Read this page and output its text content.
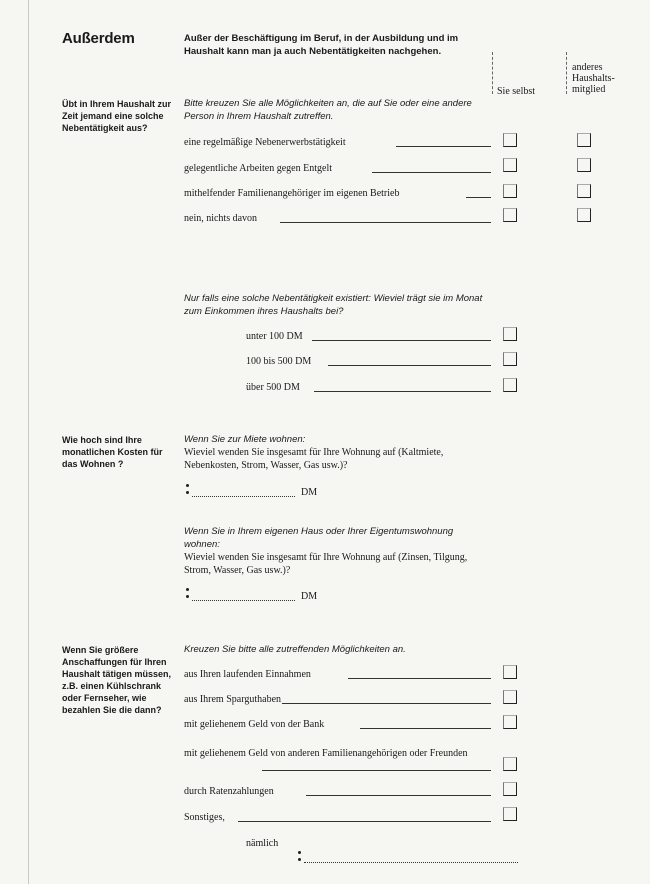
Außerdem	Außer der Beschäftigung im Beruf, in der Ausbildung und im Haushalt kann man ja auch Nebentätigkeiten nachgehen.
Sie selbst
anderes
Haushalts-
mitglied
Übt in Ihrem Haushalt zur Zeit jemand eine solche Nebentätigkeit aus?
Bitte kreuzen Sie alle Möglichkeiten an, die auf Sie oder eine andere Person in Ihrem Haushalt zutreffen.
eine regelmäßige Nebenerwerbstätigkeit
gelegentliche Arbeiten gegen Entgelt
mithelfender Familienangehöriger im eigenen Betrieb
nein, nichts davon
Nur falls eine solche Nebentätigkeit existiert: Wieviel trägt sie im Monat zum Einkommen ihres Haushalts bei?
unter 100 DM
100 bis 500 DM
über 500 DM
Wie hoch sind Ihre monatlichen Kosten für das Wohnen ?
Wenn Sie zur Miete wohnen:
Wieviel wenden Sie insgesamt für Ihre Wohnung auf (Kaltmiete, Nebenkosten, Strom, Wasser, Gas usw.)?
DM
Wenn Sie in Ihrem eigenen Haus oder Ihrer Eigentumswohnung wohnen:
Wieviel wenden Sie insgesamt für Ihre Wohnung auf (Zinsen, Tilgung, Strom, Wasser, Gas usw.)?
DM
Wenn Sie größere Anschaffungen für Ihren Haushalt tätigen müssen, z.B. einen Kühlschrank oder Fernseher, wie bezahlen Sie die dann?
Kreuzen Sie bitte alle zutreffenden Möglichkeiten an.
aus Ihren laufenden Einnahmen
aus Ihrem Sparguthaben
mit geliehenem Geld von der Bank
mit geliehenem Geld von anderen Familienangehörigen oder Freunden
durch Ratenzahlungen
Sonstiges,
nämlich
